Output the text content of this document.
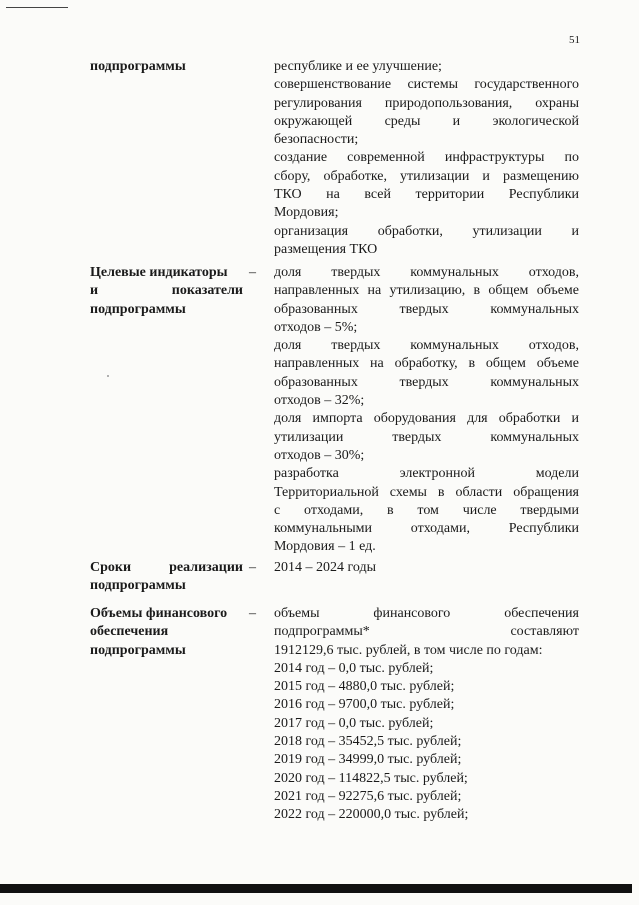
51
подпрограммы	республике и ее улучшение;
совершенствование системы государственного
регулирования природопользования, охраны
окружающей среды и экологической
безопасности;
создание современной инфраструктуры по
сбору, обработке, утилизации и размещению
ТКО на всей территории Республики
Мордовия;
организация обработки, утилизации и
размещения ТКО
Целевые индикаторы
и показатели
подпрограммы
– доля твердых коммунальных отходов,
направленных на утилизацию, в общем объеме
образованных твердых коммунальных
отходов – 5%;
доля твердых коммунальных отходов,
направленных на обработку, в общем объеме
образованных твердых коммунальных
отходов – 32%;
доля импорта оборудования для обработки и
утилизации твердых коммунальных
отходов – 30%;
разработка электронной модели
Территориальной схемы в области обращения
с отходами, в том числе твердыми
коммунальными отходами, Республики
Мордовия – 1 ед.
Сроки реализации
подпрограммы
– 2014 – 2024 годы
Объемы финансового
обеспечения
подпрограммы
– объемы финансового обеспечения
подпрограммы* составляют
1912129,6 тыс. рублей, в том числе по годам:
2014 год – 0,0 тыс. рублей;
2015 год – 4880,0 тыс. рублей;
2016 год – 9700,0 тыс. рублей;
2017 год – 0,0 тыс. рублей;
2018 год – 35452,5 тыс. рублей;
2019 год – 34999,0 тыс. рублей;
2020 год – 114822,5 тыс. рублей;
2021 год – 92275,6 тыс. рублей;
2022 год – 220000,0 тыс. рублей;
